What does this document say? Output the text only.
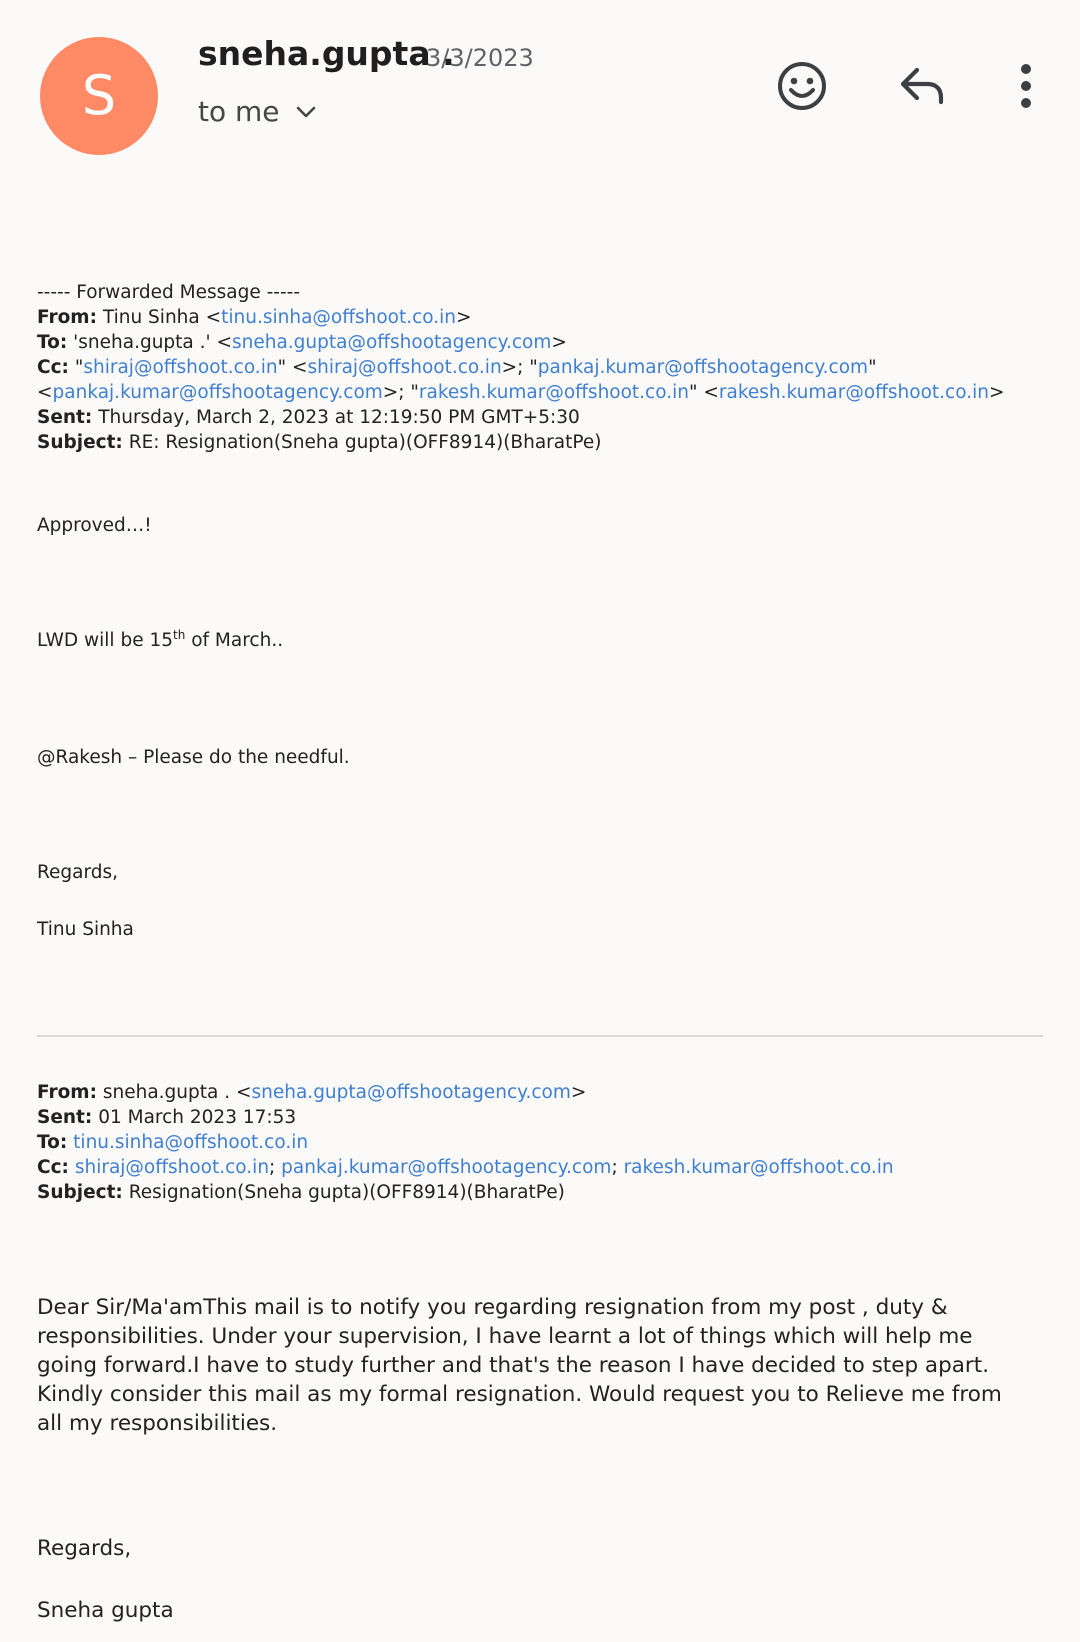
S
sneha.gupta .
3/3/2023
to me
----- Forwarded Message -----
From: Tinu Sinha <tinu.sinha@offshoot.co.in>
To: 'sneha.gupta .' <sneha.gupta@offshootagency.com>
Cc: "shiraj@offshoot.co.in" <shiraj@offshoot.co.in>; "pankaj.kumar@offshootagency.com"
<pankaj.kumar@offshootagency.com>; "rakesh.kumar@offshoot.co.in" <rakesh.kumar@offshoot.co.in>
Sent: Thursday, March 2, 2023 at 12:19:50 PM GMT+5:30
Subject: RE: Resignation(Sneha gupta)(OFF8914)(BharatPe)
Approved…!
LWD will be 15th of March..
@Rakesh – Please do the needful.
Regards,
Tinu Sinha
From: sneha.gupta . <sneha.gupta@offshootagency.com>
Sent: 01 March 2023 17:53
To: tinu.sinha@offshoot.co.in
Cc: shiraj@offshoot.co.in; pankaj.kumar@offshootagency.com; rakesh.kumar@offshoot.co.in
Subject: Resignation(Sneha gupta)(OFF8914)(BharatPe)
Dear Sir/Ma'amThis mail is to notify you regarding resignation from my post , duty &
responsibilities. Under your supervision, I have learnt a lot of things which will help me
going forward.I have to study further and that's the reason I have decided to step apart.
Kindly consider this mail as my formal resignation. Would request you to Relieve me from
all my responsibilities.
Regards,
Sneha gupta
